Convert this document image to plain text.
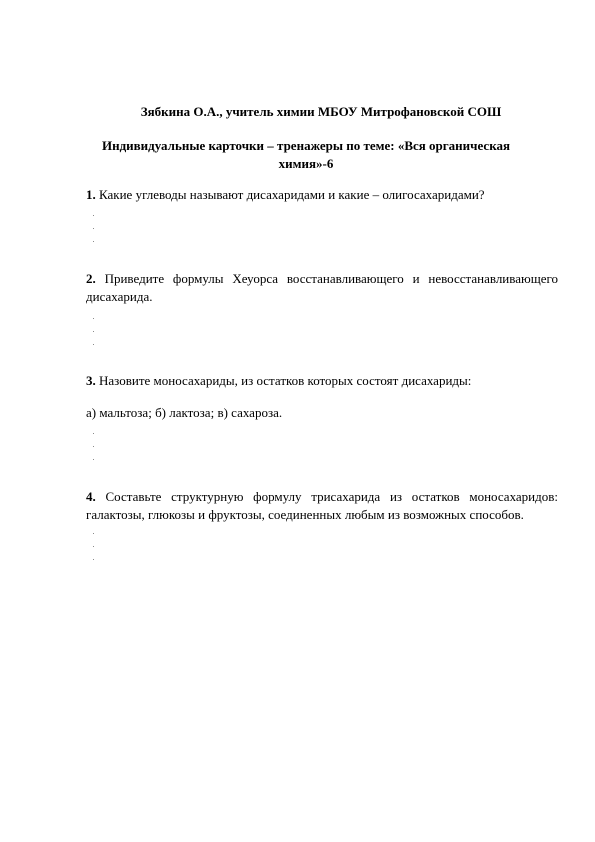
Зябкина О.А., учитель химии МБОУ Митрофановской СОШ
Индивидуальные карточки – тренажеры по теме: «Вся органическая химия»-6
1. Какие углеводы называют дисахаридами и какие – олигосахаридами?
2. Приведите формулы Хеуорса восстанавливающего и невосстанавливающего дисахарида.
3. Назовите моносахариды, из остатков которых состоят дисахариды:
а) мальтоза; б) лактоза; в) сахароза.
4. Составьте структурную формулу трисахарида из остатков моносахаридов: галактозы, глюкозы и фруктозы, соединенных любым из возможных способов.
